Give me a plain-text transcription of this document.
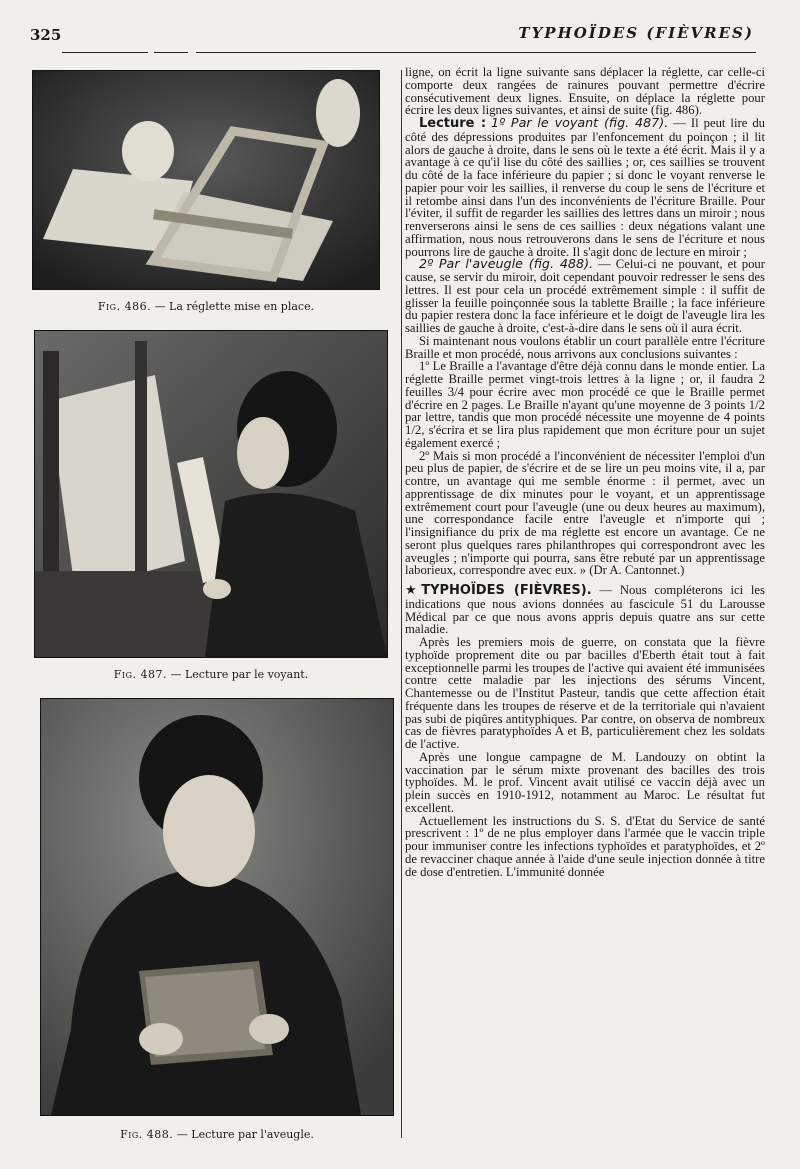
325	TYPHOÏDES (FIÈVRES)
Fig. 486. — La réglette mise en place.
Fig. 487. — Lecture par le voyant.
Fig. 488. — Lecture par l'aveugle.

ligne, on écrit la ligne suivante sans déplacer la réglette, car celle-ci comporte deux rangées de rainures pouvant permettre d'écrire consécutivement deux lignes. Ensuite, on déplace la réglette pour écrire les deux lignes suivantes, et ainsi de suite (fig. 486).

Lecture : 1º Par le voyant (fig. 487). — Il peut lire du côté des dépressions produites par l'enfoncement du poinçon ; il lit alors de gauche à droite, dans le sens où le texte a été écrit. Mais il y a avantage à ce qu'il lise du côté des saillies ; or, ces saillies se trouvent du côté de la face inférieure du papier ; si donc le voyant renverse le papier pour voir les saillies, il renverse du coup le sens de l'écriture et il retombe ainsi dans l'un des inconvénients de l'écriture Braille. Pour l'éviter, il suffit de regarder les saillies des lettres dans un miroir ; nous renverserons ainsi le sens de ces saillies : deux négations valant une affirmation, nous nous retrouverons dans le sens de l'écriture et nous pourrons lire de gauche à droite. Il s'agit donc de lecture en miroir ;

2º Par l'aveugle (fig. 488). — Celui-ci ne pouvant, et pour cause, se servir du miroir, doit cependant pouvoir redresser le sens des lettres. Il est pour cela un procédé extrêmement simple : il suffit de glisser la feuille poinçonnée sous la tablette Braille ; la face inférieure du papier restera donc la face inférieure et le doigt de l'aveugle lira les saillies de gauche à droite, c'est-à-dire dans le sens où il aura écrit.

Si maintenant nous voulons établir un court parallèle entre l'écriture Braille et mon procédé, nous arrivons aux conclusions suivantes :

1º Le Braille a l'avantage d'être déjà connu dans le monde entier. La réglette Braille permet vingt-trois lettres à la ligne ; or, il faudra 2 feuilles 3/4 pour écrire avec mon procédé ce que le Braille permet d'écrire en 2 pages. Le Braille n'ayant qu'une moyenne de 3 points 1/2 par lettre, tandis que mon procédé nécessite une moyenne de 4 points 1/2, s'écrira et se lira plus rapidement que mon écriture pour un sujet également exercé ;

2º Mais si mon procédé a l'inconvénient de nécessiter l'emploi d'un peu plus de papier, de s'écrire et de se lire un peu moins vite, il a, par contre, un avantage qui me semble énorme : il permet, avec un apprentissage de dix minutes pour le voyant, et un apprentissage extrêmement court pour l'aveugle (une ou deux heures au maximum), une correspondance facile entre l'aveugle et n'importe qui ; l'insignifiance du prix de ma réglette est encore un avantage. Ce ne seront plus quelques rares philanthropes qui correspondront avec les aveugles ; n'importe qui pourra, sans être rebuté par un apprentissage laborieux, correspondre avec eux. » (Dr A. Cantonnet.)

★TYPHOÏDES (FIÈVRES). — Nous compléterons ici les indications que nous avions données au fascicule 51 du Larousse Médical par ce que nous avons appris depuis quatre ans sur cette maladie.

Après les premiers mois de guerre, on constata que la fièvre typhoïde proprement dite ou par bacilles d'Eberth était tout à fait exceptionnelle parmi les troupes de l'active qui avaient été immunisées contre cette maladie par les injections des sérums Vincent, Chantemesse ou de l'Institut Pasteur, tandis que cette affection était fréquente dans les troupes de réserve et de la territoriale qui n'avaient pas subi de piqûres antityphiques. Par contre, on observa de nombreux cas de fièvres paratyphoïdes A et B, particulièrement chez les soldats de l'active.

Après une longue campagne de M. Landouzy on obtint la vaccination par le sérum mixte provenant des bacilles des trois typhoïdes. M. le prof. Vincent avait utilisé ce vaccin déjà avec un plein succès en 1910-1912, notamment au Maroc. Le résultat fut excellent.

Actuellement les instructions du S. S. d'Etat du Service de santé prescrivent : 1º de ne plus employer dans l'armée que le vaccin triple pour immuniser contre les infections typhoïdes et paratyphoïdes, et 2º de revacciner chaque année à l'aide d'une seule injection donnée à titre de dose d'entretien. L'immunité donnée
